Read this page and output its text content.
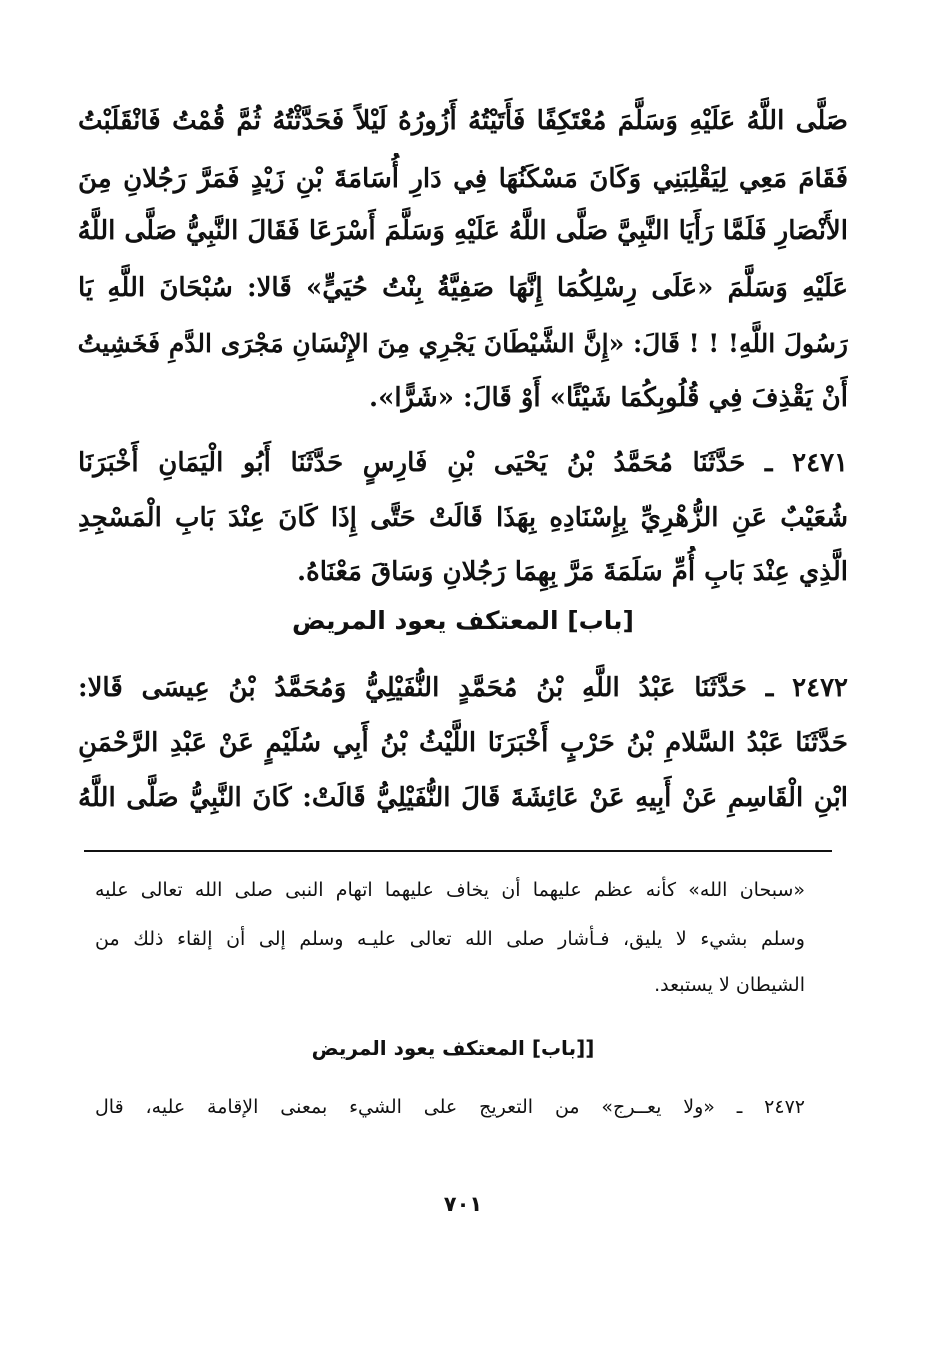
صَلَّى اللَّهُ عَلَيْهِ وَسَلَّمَ مُعْتَكِفًا فَأَتَيْتُهُ أَزُورُهُ لَيْلاً فَحَدَّثْتُهُ ثُمَّ قُمْتُ فَانْقَلَبْتُ
فَقَامَ مَعِي لِيَقْلِبَنِي وَكَانَ مَسْكَنُهَا فِي دَارِ أُسَامَةَ بْنِ زَيْدٍ فَمَرَّ رَجُلانِ مِنَ
الأَنْصَارِ فَلَمَّا رَأَيَا النَّبِيَّ صَلَّى اللَّهُ عَلَيْهِ وَسَلَّمَ أَسْرَعَا فَقَالَ النَّبِيُّ صَلَّى اللَّهُ
عَلَيْهِ وَسَلَّمَ «عَلَى رِسْلِكُمَا إِنَّهَا صَفِيَّةُ بِنْتُ حُيَيٍّ» قَالا: سُبْحَانَ اللَّهِ يَا
رَسُولَ اللَّهِ! ! ! قَالَ: «إِنَّ الشَّيْطَانَ يَجْرِي مِنَ الإِنْسَانِ مَجْرَى الدَّمِ فَخَشِيتُ
أَنْ يَقْذِفَ فِي قُلُوبِكُمَا شَيْئًا» أَوْ قَالَ: «شَرًّا».
٢٤٧١ ـ حَدَّثَنَا مُحَمَّدُ بْنُ يَحْيَى بْنِ فَارِسٍ حَدَّثَنَا أَبُو الْيَمَانِ أَخْبَرَنَا
شُعَيْبٌ عَنِ الزُّهْرِيِّ بِإِسْنَادِهِ بِهَذَا قَالَتْ حَتَّى إِذَا كَانَ عِنْدَ بَابِ الْمَسْجِدِ
الَّذِي عِنْدَ بَابِ أُمِّ سَلَمَةَ مَرَّ بِهِمَا رَجُلانِ وَسَاقَ مَعْنَاهُ.
[باب] المعتكف يعود المريض
٢٤٧٢ ـ حَدَّثَنَا عَبْدُ اللَّهِ بْنُ مُحَمَّدٍ النُّفَيْلِيُّ وَمُحَمَّدُ بْنُ عِيسَى قَالا:
حَدَّثَنَا عَبْدُ السَّلامِ بْنُ حَرْبٍ أَخْبَرَنَا اللَّيْثُ بْنُ أَبِي سُلَيْمٍ عَنْ عَبْدِ الرَّحْمَنِ
ابْنِ الْقَاسِمِ عَنْ أَبِيهِ عَنْ عَائِشَةَ قَالَ النُّفَيْلِيُّ قَالَتْ: كَانَ النَّبِيُّ صَلَّى اللَّهُ
«سبحان الله» كأنه عظم عليهما أن يخاف عليهما اتهام النبى صلى الله تعالى عليه
وسلم بشيء لا يليق، فـأشار صلى الله تعالى عليـه وسلم إلى أن إلقاء ذلك من
الشيطان لا يستبعد.
[[باب] المعتكف يعود المريض
٢٤٧٢ ـ «ولا يعــرج» من التعريج على الشيء بمعنى الإقامة عليه، قال
٧٠١
